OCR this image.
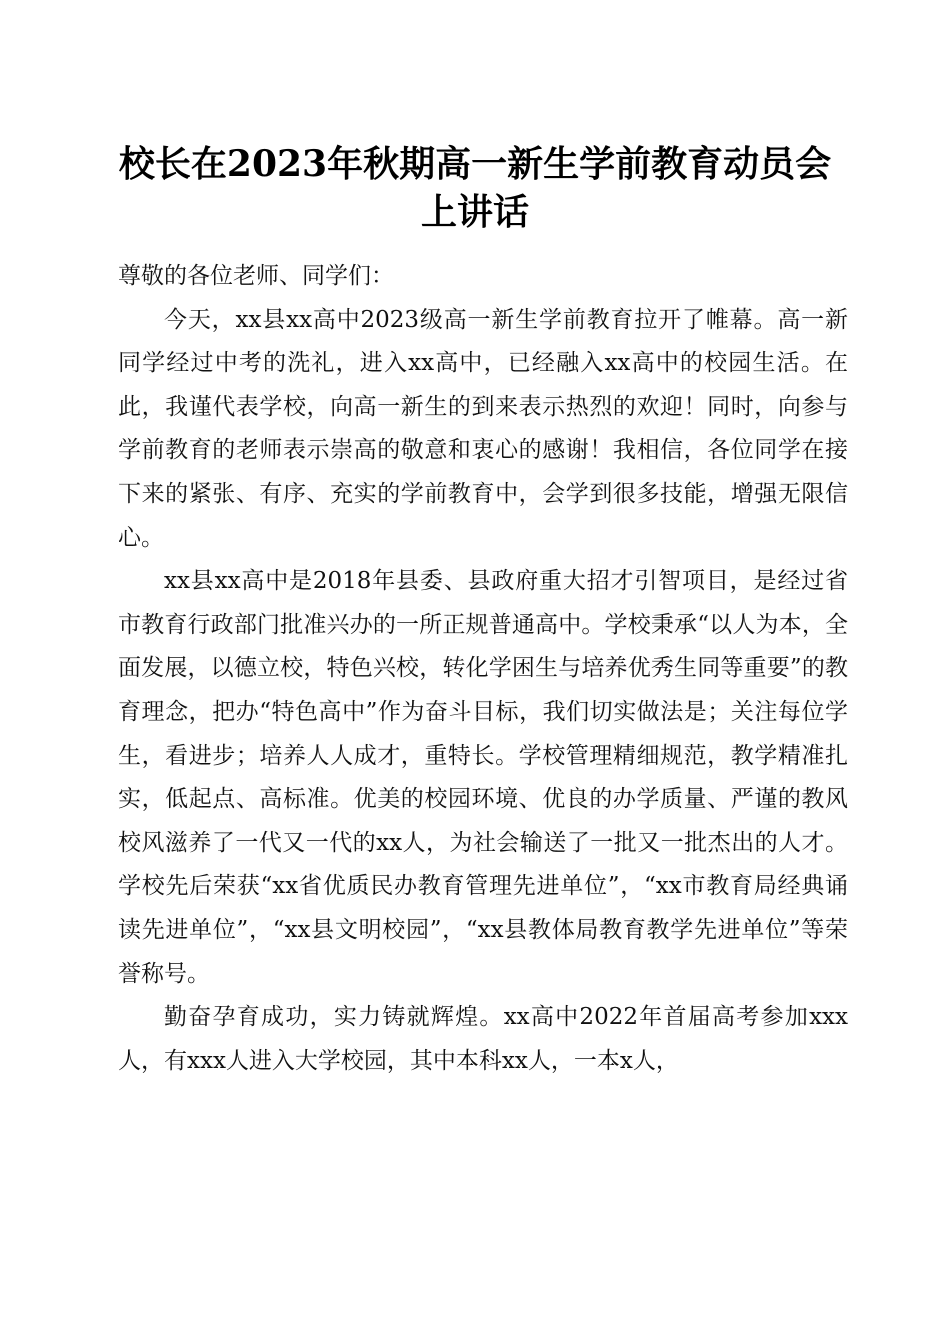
校长在2023年秋期高一新生学前教育动员会
上讲话

尊敬的各位老师、同学们：

今天，xx县xx高中2023级高一新生学前教育拉开了帷幕。高一新同学经过中考的洗礼，进入xx高中，已经融入xx高中的校园生活。在此，我谨代表学校，向高一新生的到来表示热烈的欢迎！同时，向参与学前教育的老师表示崇高的敬意和衷心的感谢！我相信，各位同学在接下来的紧张、有序、充实的学前教育中，会学到很多技能，增强无限信心。

xx县xx高中是2018年县委、县政府重大招才引智项目，是经过省市教育行政部门批准兴办的一所正规普通高中。学校秉承“以人为本，全面发展，以德立校，特色兴校，转化学困生与培养优秀生同等重要”的教育理念，把办“特色高中”作为奋斗目标，我们切实做法是；关注每位学生，看进步；培养人人成才，重特长。学校管理精细规范，教学精准扎实，低起点、高标准。优美的校园环境、优良的办学质量、严谨的教风校风滋养了一代又一代的xx人，为社会输送了一批又一批杰出的人才。学校先后荣获“xx省优质民办教育管理先进单位”，“xx市教育局经典诵读先进单位”，“xx县文明校园”，“xx县教体局教育教学先进单位”等荣誉称号。

勤奋孕育成功，实力铸就辉煌。xx高中2022年首届高考参加xxx人，有xxx人进入大学校园，其中本科xx人，一本x人，
